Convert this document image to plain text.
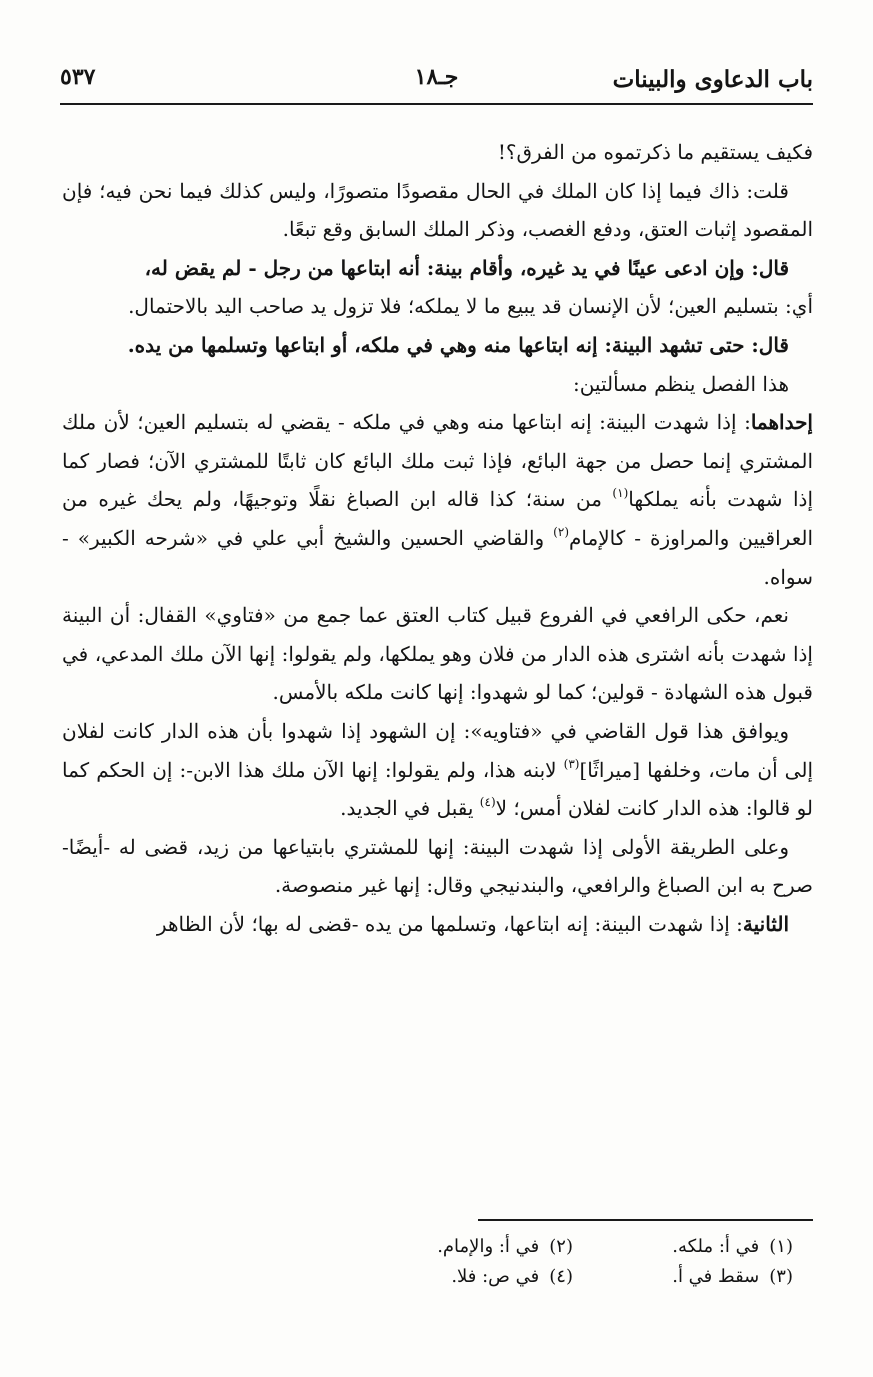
باب الدعاوى والبينات
جـ١٨
٥٣٧

فكيف يستقيم ما ذكرتموه من الفرق؟!

قلت: ذاك فيما إذا كان الملك في الحال مقصودًا متصورًا، وليس كذلك فيما نحن فيه؛ فإن المقصود إثبات العتق، ودفع الغصب، وذكر الملك السابق وقع تبعًا.

قال: وإن ادعى عينًا في يد غيره، وأقام بينة: أنه ابتاعها من رجل - لم يقض له،
أي: بتسليم العين؛ لأن الإنسان قد يبيع ما لا يملكه؛ فلا تزول يد صاحب اليد بالاحتمال.

قال: حتى تشهد البينة: إنه ابتاعها منه وهي في ملكه، أو ابتاعها وتسلمها من يده.

هذا الفصل ينظم مسألتين:

إحداهما: إذا شهدت البينة: إنه ابتاعها منه وهي في ملكه - يقضي له بتسليم العين؛ لأن ملك المشتري إنما حصل من جهة البائع، فإذا ثبت ملك البائع كان ثابتًا للمشتري الآن؛ فصار كما إذا شهدت بأنه يملكها$^{(١)}$ من سنة؛ كذا قاله ابن الصباغ نقلًا وتوجيهًا، ولم يحك غيره من العراقيين والمراوزة - كالإمام$^{(٢)}$ والقاضي الحسين والشيخ أبي علي في «شرحه الكبير» - سواه.

نعم، حكى الرافعي في الفروع قبيل كتاب العتق عما جمع من «فتاوي» القفال: أن البينة إذا شهدت بأنه اشترى هذه الدار من فلان وهو يملكها، ولم يقولوا: إنها الآن ملك المدعي، في قبول هذه الشهادة - قولين؛ كما لو شهدوا: إنها كانت ملكه بالأمس.

ويوافق هذا قول القاضي في «فتاويه»: إن الشهود إذا شهدوا بأن هذه الدار كانت لفلان إلى أن مات، وخلفها [ميراثًا]$^{(٣)}$ لابنه هذا، ولم يقولوا: إنها الآن ملك هذا الابن-: إن الحكم كما لو قالوا: هذه الدار كانت لفلان أمس؛ لا$^{(٤)}$ يقبل في الجديد.

وعلى الطريقة الأولى إذا شهدت البينة: إنها للمشتري بابتياعها من زيد، قضى له -أيضًا- صرح به ابن الصباغ والرافعي، والبندنيجي وقال: إنها غير منصوصة.

الثانية: إذا شهدت البينة: إنه ابتاعها، وتسلمها من يده -قضى له بها؛ لأن الظاهر

(١)في أ: ملكه.
(٢)في أ: والإمام.
(٣)سقط في أ.
(٤)في ص: فلا.
